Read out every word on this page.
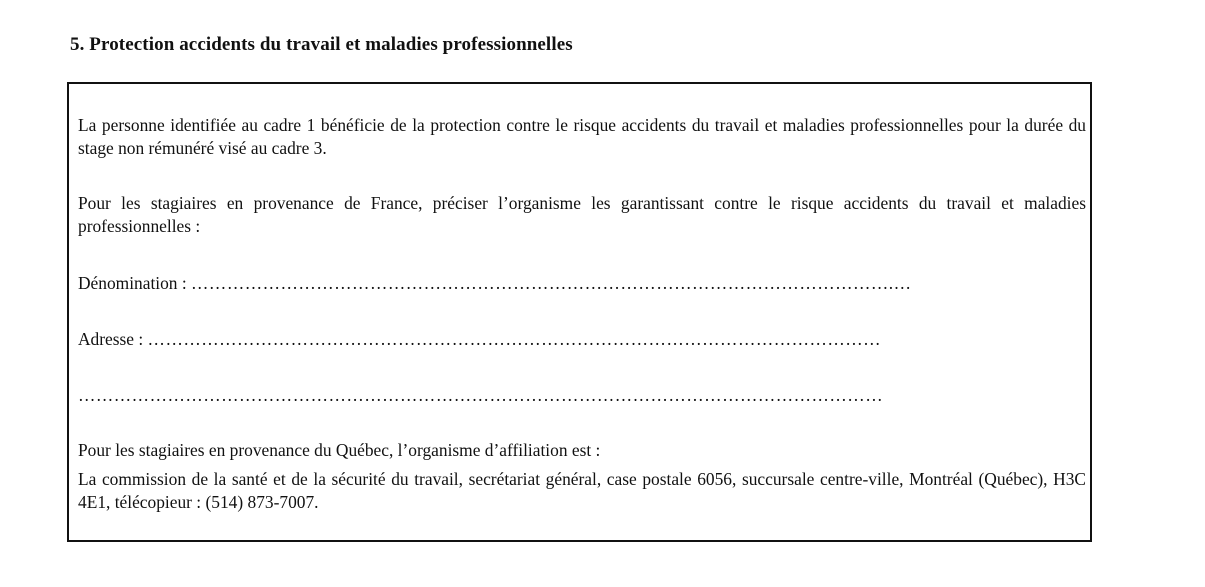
5. Protection accidents du travail et maladies professionnelles
La personne identifiée au cadre 1 bénéficie de la protection contre le risque accidents du travail et maladies professionnelles pour la durée du stage non rémunéré visé au cadre 3.
Pour les stagiaires en provenance de France, préciser l’organisme les garantissant contre le risque accidents du travail et maladies professionnelles :
Dénomination : ……………………………………………………………………………………………………….…
Adresse : ……………………………………………………………………………………………………………
………………………………………………………………………………………………………………………
Pour les stagiaires en provenance du Québec, l’organisme d’affiliation est :
La commission de la santé et de la sécurité du travail, secrétariat général, case postale 6056, succursale centre-ville, Montréal (Québec), H3C 4E1, télécopieur : (514) 873-7007.
